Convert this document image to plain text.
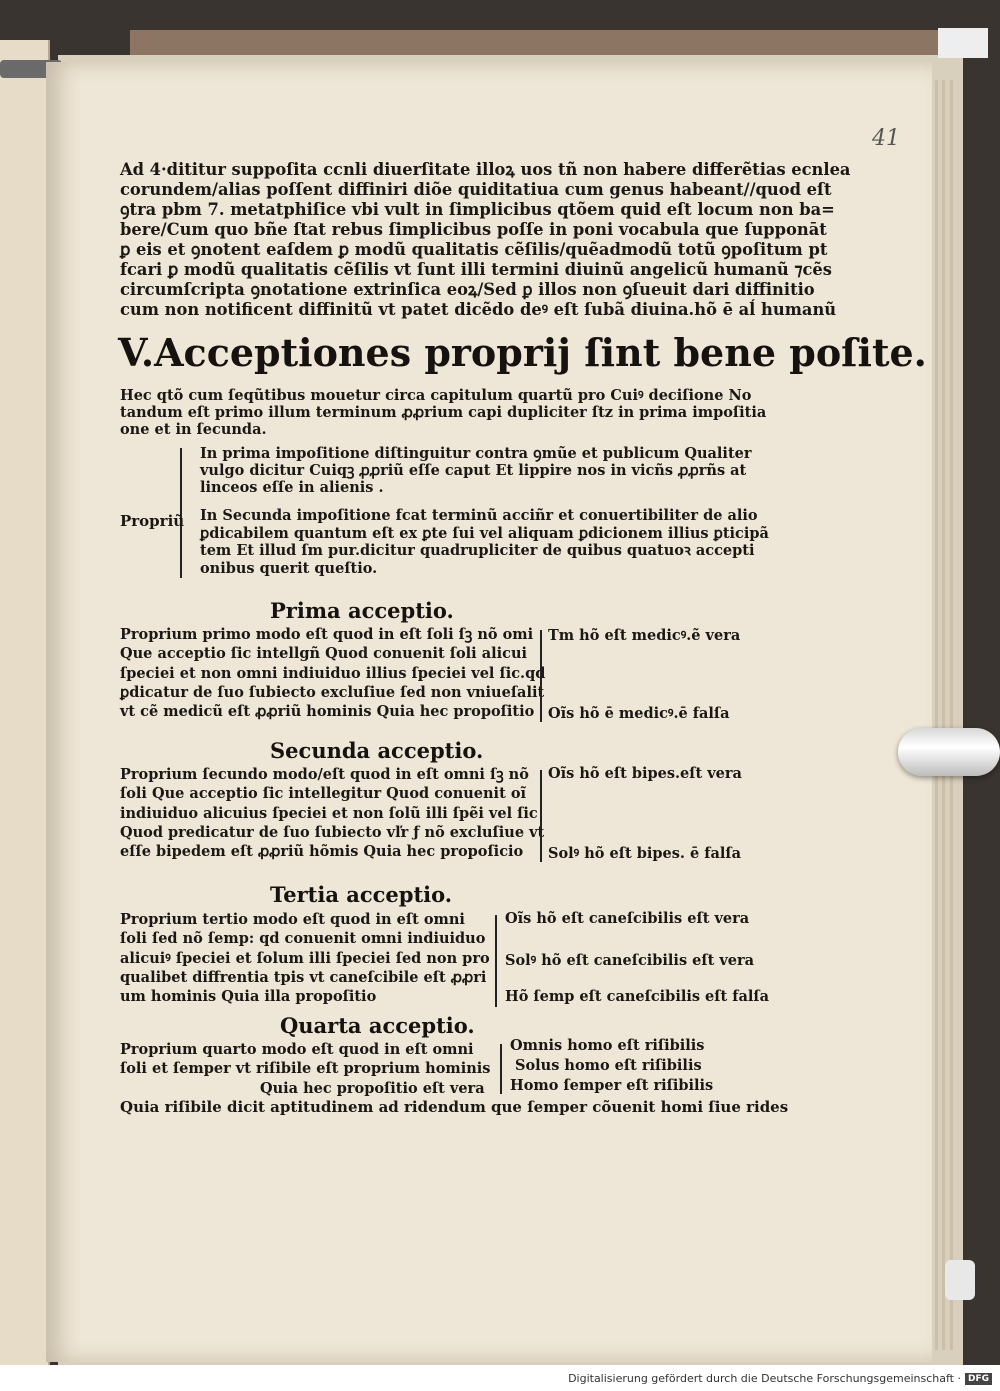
41
Ad 4·dititur suppoſita ccnli diuerſitate illoꝝ uos tñ non habere differẽtias ecnlea
corundem/alias poſſent diffiniri diõe quiditatiua cum genus habeant//quod eſt
ꝯtra pbm 7. metatphiſice vbi vult in ſimplicibus qtõem quid eſt locum non ba=
bere/Cum quo bñe ſtat rebus ſimplicibus poſſe in poni vocabula que ſupponāt
ꝑ eis et ꝯnotent eaſdem ꝑ modũ qualitatis cẽſilis/quẽadmodũ totũ ꝯpoſitum pt
fcari ꝑ modũ qualitatis cẽſilis vt ſunt illi termini diuinũ angelicũ humanũ ⁊cẽs
circumſcripta ꝯnotatione extrinſica eoꝝ/Sed ꝑ illos non ꝯſueuit dari diffinitio
cum non notificent diffinitũ vt patet dicẽdo deꝰ eſt ſubã diuina.hõ ē aĺ humanũ
V.Acceptiones proprij ſint bene poſite.
Hec qtõ cum ſeqũtibus mouetur circa capitulum quartũ pro Cuiꝰ deciſione No
tandum eſt primo illum terminum ꝓꝓrium capi dupliciter ſtz in prima impoſitia
one et in ſecunda.
Propriũ
In prima impoſitione diſtinguitur contra ꝯmũe et publicum Qualiter
vulgo dicitur Cuiqꝫ ꝓꝓriũ eſſe caput Et lippire nos in vicñs ꝓꝓrñs at
linceos eſſe in alienis .
In Secunda impoſitione fcat terminũ acciñr et conuertibiliter de alio
ꝑdicabilem quantum eſt ex ꝑte ſui vel aliquam ꝑdicionem illius ꝑticipã
tem Et illud ſm pur.dicitur quadrupliciter de quibus quatuoꝛ accepti
onibus querit queſtio.
Prima acceptio.
Proprium primo modo eſt quod in eſt ſoli ſꝫ nõ omi
Que acceptio ſic intellgñ Quod conuenit ſoli alicui
ſpeciei et non omni indiuiduo illius ſpeciei vel ſic.qd
ꝑdicatur de ſuo ſubiecto excluſiue ſed non vniueſalit
vt cẽ medicũ eſt ꝓꝓriũ hominis Quia hec propoſitio
Tm hõ eſt medicꝰ.ẽ vera
Oĩs hõ ē medicꝰ.ē falſa
Secunda acceptio.
Proprium ſecundo modo/eſt quod in eſt omni ſꝫ nõ
ſoli Que acceptio ſic intellegitur Quod conuenit oĩ
indiuiduo alicuius ſpeciei et non ſolũ illi ſpẽi vel ſic
Quod predicatur de ſuo ſubiecto vľr ƒ nõ excluſiue vt
eſſe bipedem eſt ꝓꝓriũ hõmis Quia hec propoſicio
Oĩs hõ eſt bipes.eſt vera
Solꝰ hõ eſt bipes. ē falſa
Tertia acceptio.
Proprium tertio modo eſt quod in eſt omni
ſoli ſed nõ ſemp: qd conuenit omni indiuiduo
alicuiꝰ ſpeciei et ſolum illi ſpeciei ſed non pro
qualibet diffrentia tpis vt caneſcibile eſt ꝓꝓri
um hominis Quia illa propoſitio
Oĩs hõ eſt caneſcibilis eſt vera
Solꝰ hõ eſt caneſcibilis eſt vera
Hõ ſemp eſt caneſcibilis eſt falſa
Quarta acceptio.
Proprium quarto modo eſt quod in eſt omni
ſoli et ſemper vt riſibile eſt proprium hominis
Quia hec propoſitio eſt vera
Omnis homo eſt riſibilis
Solus homo eſt riſibilis
Homo ſemper eſt riſibilis
Quia riſibile dicit aptitudinem ad ridendum que ſemper cõuenit homi ſiue rides
Digitalisierung gefördert durch die Deutsche Forschungsgemeinschaft · DFG
